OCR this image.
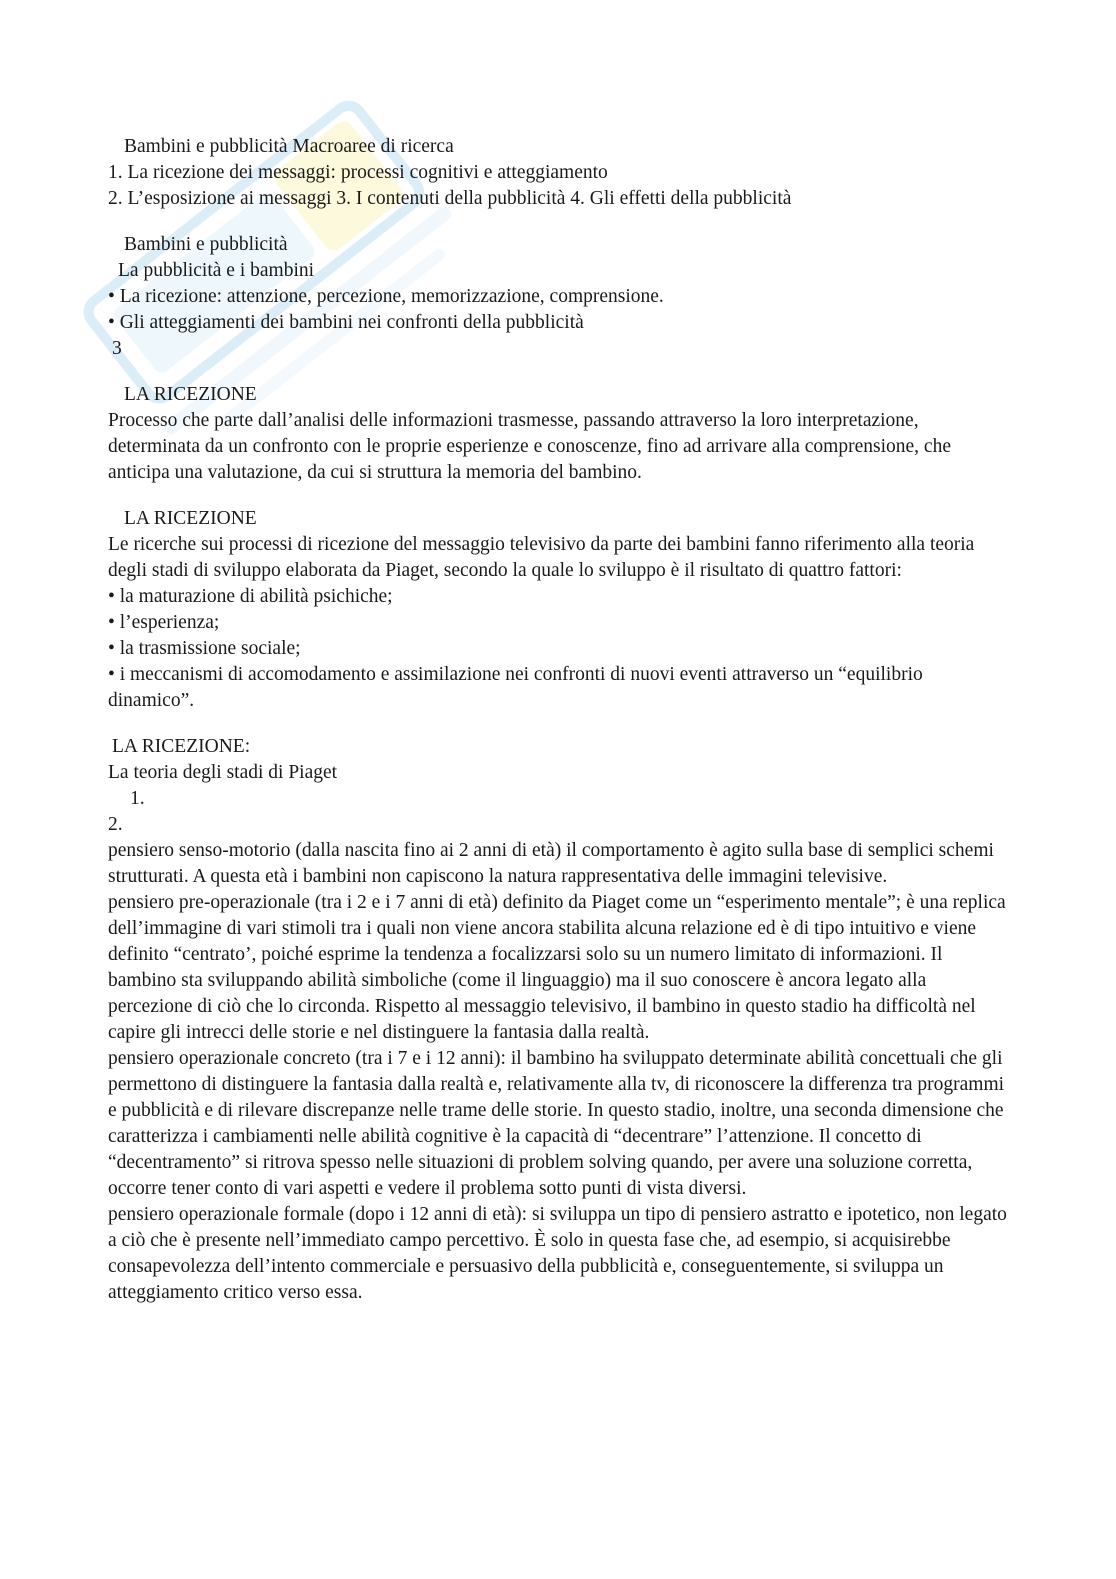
Bambini e pubblicità Macroaree di ricerca
1. La ricezione dei messaggi: processi cognitivi e atteggiamento
2. L’esposizione ai messaggi 3. I contenuti della pubblicità 4. Gli effetti della pubblicità
Bambini e pubblicità
La pubblicità e i bambini
• La ricezione: attenzione, percezione, memorizzazione, comprensione.
• Gli atteggiamenti dei bambini nei confronti della pubblicità
3
LA RICEZIONE
Processo che parte dall’analisi delle informazioni trasmesse, passando attraverso la loro interpretazione, determinata da un confronto con le proprie esperienze e conoscenze, fino ad arrivare alla comprensione, che anticipa una valutazione, da cui si struttura la memoria del bambino.
LA RICEZIONE
Le ricerche sui processi di ricezione del messaggio televisivo da parte dei bambini fanno riferimento alla teoria degli stadi di sviluppo elaborata da Piaget, secondo la quale lo sviluppo è il risultato di quattro fattori:
• la maturazione di abilità psichiche;
• l’esperienza;
• la trasmissione sociale;
• i meccanismi di accomodamento e assimilazione nei confronti di nuovi eventi attraverso un “equilibrio dinamico”.
LA RICEZIONE:
La teoria degli stadi di Piaget
1.
2.
pensiero senso-motorio (dalla nascita fino ai 2 anni di età) il comportamento è agito sulla base di semplici schemi strutturati. A questa età i bambini non capiscono la natura rappresentativa delle immagini televisive.
pensiero pre-operazionale (tra i 2 e i 7 anni di età) definito da Piaget come un “esperimento mentale”; è una replica dell’immagine di vari stimoli tra i quali non viene ancora stabilita alcuna relazione ed è di tipo intuitivo e viene definito “centrato’, poiché esprime la tendenza a focalizzarsi solo su un numero limitato di informazioni. Il bambino sta sviluppando abilità simboliche (come il linguaggio) ma il suo conoscere è ancora legato alla percezione di ciò che lo circonda. Rispetto al messaggio televisivo, il bambino in questo stadio ha difficoltà nel capire gli intrecci delle storie e nel distinguere la fantasia dalla realtà.
pensiero operazionale concreto (tra i 7 e i 12 anni): il bambino ha sviluppato determinate abilità concettuali che gli permettono di distinguere la fantasia dalla realtà e, relativamente alla tv, di riconoscere la differenza tra programmi e pubblicità e di rilevare discrepanze nelle trame delle storie. In questo stadio, inoltre, una seconda dimensione che caratterizza i cambiamenti nelle abilità cognitive è la capacità di “decentrare” l’attenzione. Il concetto di “decentramento” si ritrova spesso nelle situazioni di problem solving quando, per avere una soluzione corretta, occorre tener conto di vari aspetti e vedere il problema sotto punti di vista diversi.
pensiero operazionale formale (dopo i 12 anni di età): si sviluppa un tipo di pensiero astratto e ipotetico, non legato a ciò che è presente nell’immediato campo percettivo. È solo in questa fase che, ad esempio, si acquisirebbe consapevolezza dell’intento commerciale e persuasivo della pubblicità e, conseguentemente, si sviluppa un atteggiamento critico verso essa.
